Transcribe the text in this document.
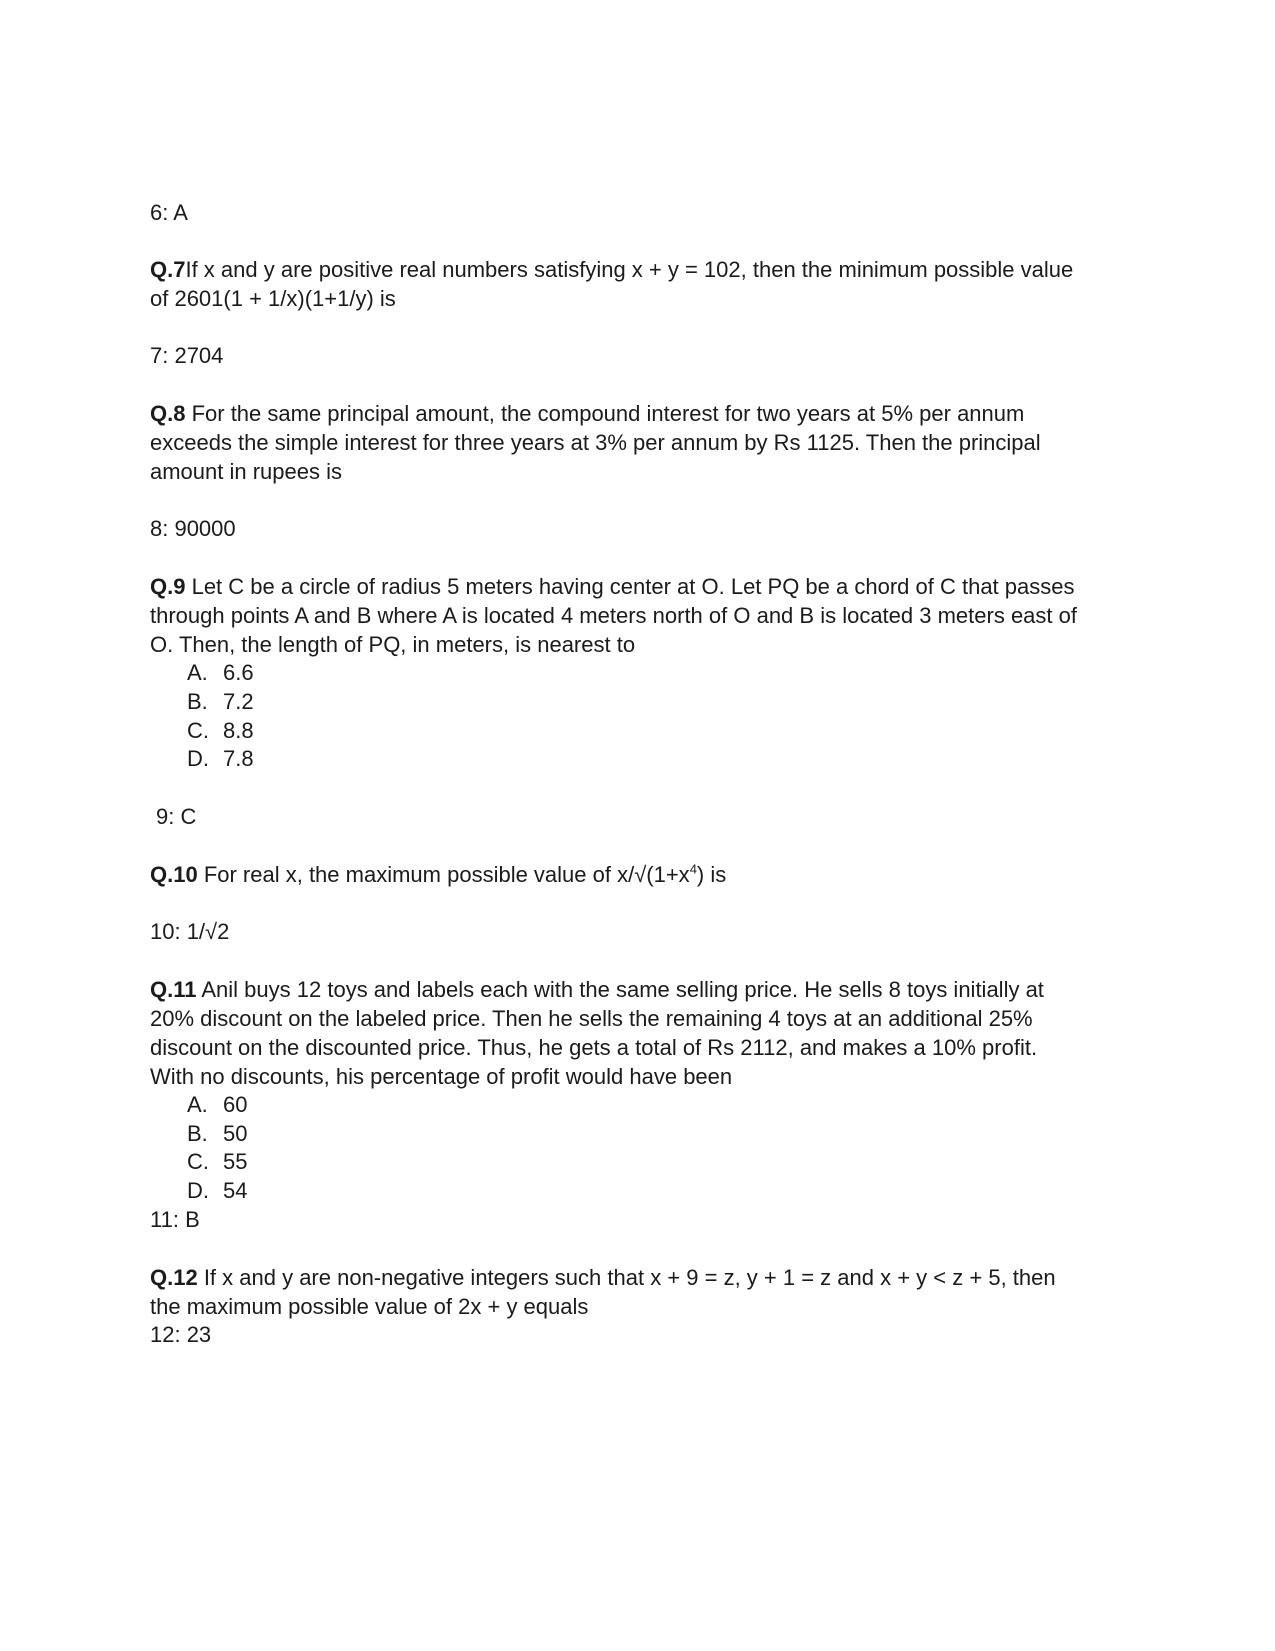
6: A
Q.7If x and y are positive real numbers satisfying x + y = 102, then the minimum possible value
of 2601(1 + 1/x)(1+1/y) is
7: 2704
Q.8 For the same principal amount, the compound interest for two years at 5% per annum
exceeds the simple interest for three years at 3% per annum by Rs 1125. Then the principal
amount in rupees is
8: 90000
Q.9 Let C be a circle of radius 5 meters having center at O. Let PQ be a chord of C that passes
through points A and B where A is located 4 meters north of O and B is located 3 meters east of
O. Then, the length of PQ, in meters, is nearest to
A. 6.6
B. 7.2
C. 8.8
D. 7.8
9: C
Q.10 For real x, the maximum possible value of $x/√(1+x^4)$ is
10: 1/√2
Q.11 Anil buys 12 toys and labels each with the same selling price. He sells 8 toys initially at
20% discount on the labeled price. Then he sells the remaining 4 toys at an additional 25%
discount on the discounted price. Thus, he gets a total of Rs 2112, and makes a 10% profit.
With no discounts, his percentage of profit would have been
A. 60
B. 50
C. 55
D. 54
11: B
Q.12 If x and y are non-negative integers such that x + 9 = z, y + 1 = z and x + y < z + 5, then
the maximum possible value of 2x + y equals
12: 23
